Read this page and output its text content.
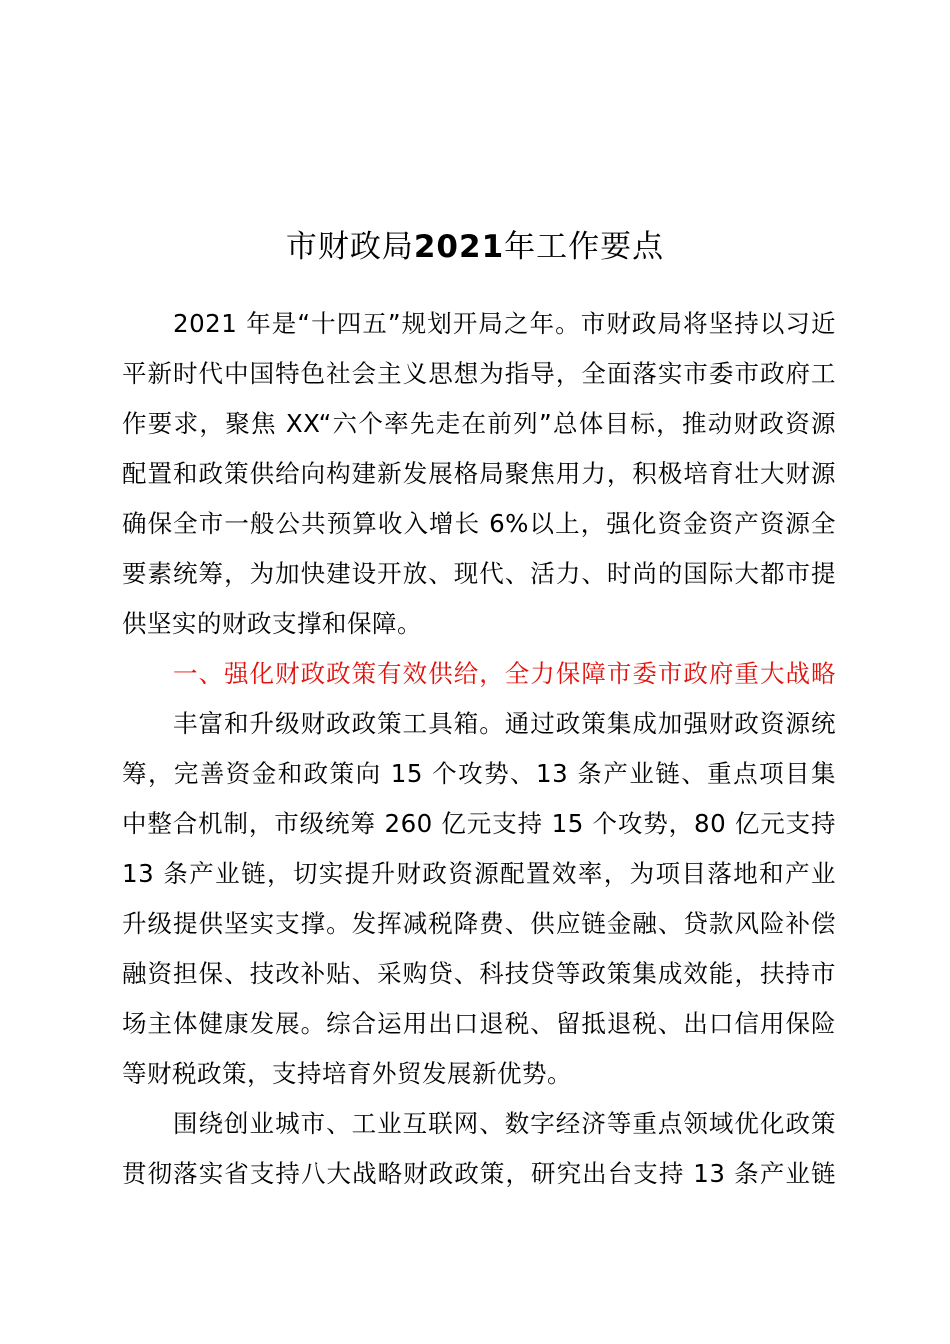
市财政局2021年工作要点
2021 年是“十四五”规划开局之年。市财政局将坚持以习近
平新时代中国特色社会主义思想为指导，全面落实市委市政府工
作要求，聚焦 XX“六个率先走在前列”总体目标，推动财政资源
配置和政策供给向构建新发展格局聚焦用力，积极培育壮大财源
确保全市一般公共预算收入增长 6%以上，强化资金资产资源全
要素统筹，为加快建设开放、现代、活力、时尚的国际大都市提
供坚实的财政支撑和保障。
一、强化财政政策有效供给，全力保障市委市政府重大战略
丰富和升级财政政策工具箱。通过政策集成加强财政资源统
筹，完善资金和政策向 15 个攻势、13 条产业链、重点项目集
中整合机制，市级统筹 260 亿元支持 15 个攻势，80 亿元支持
13 条产业链，切实提升财政资源配置效率，为项目落地和产业
升级提供坚实支撑。发挥减税降费、供应链金融、贷款风险补偿
融资担保、技改补贴、采购贷、科技贷等政策集成效能，扶持市
场主体健康发展。综合运用出口退税、留抵退税、出口信用保险
等财税政策，支持培育外贸发展新优势。
围绕创业城市、工业互联网、数字经济等重点领域优化政策
贯彻落实省支持八大战略财政政策，研究出台支持 13 条产业链
